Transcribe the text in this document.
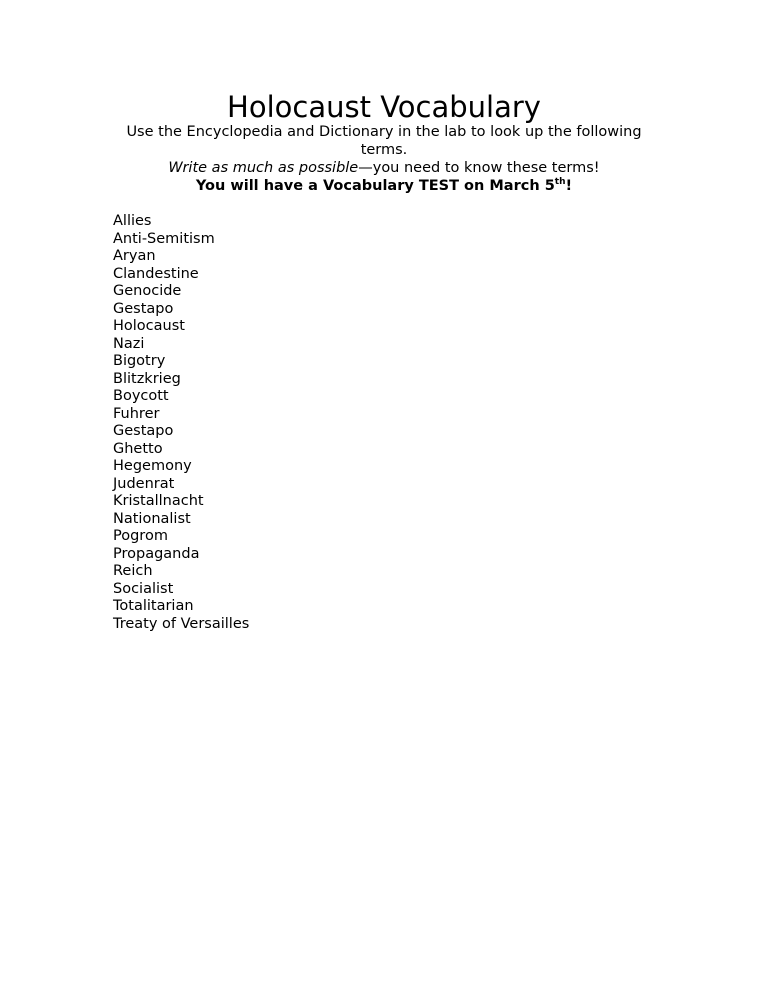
Holocaust Vocabulary

Use the Encyclopedia and Dictionary in the lab to look up the following terms.

Write as much as possible—you need to know these terms!

You will have a Vocabulary TEST on March 5th!

Allies
Anti-Semitism
Aryan
Clandestine
Genocide
Gestapo
Holocaust
Nazi
Bigotry
Blitzkrieg
Boycott
Fuhrer
Gestapo
Ghetto
Hegemony
Judenrat
Kristallnacht
Nationalist
Pogrom
Propaganda
Reich
Socialist
Totalitarian
Treaty of Versailles
